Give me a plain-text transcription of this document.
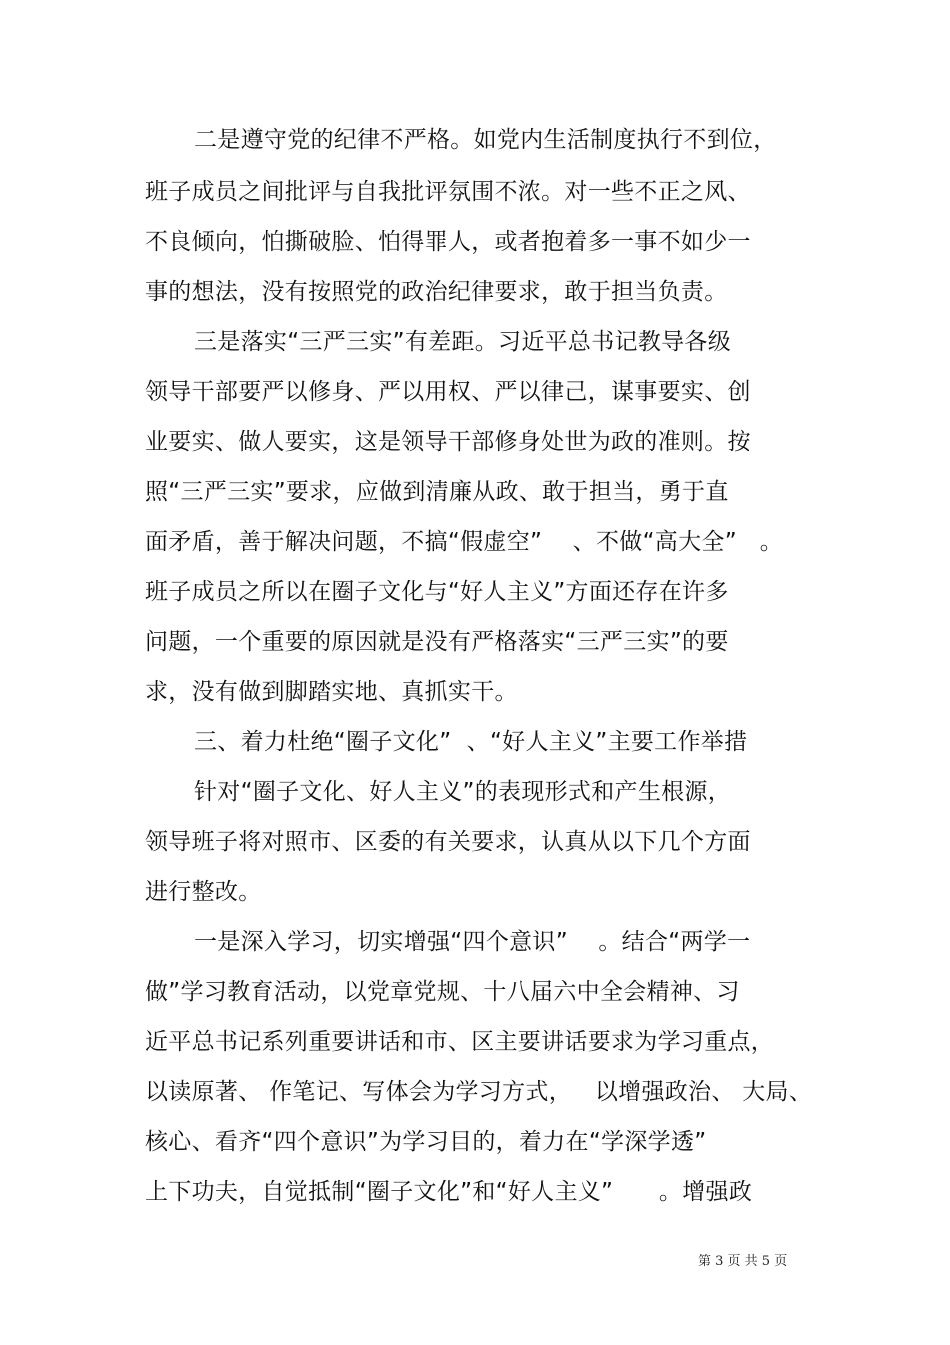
二是遵守党的纪律不严格。如党内生活制度执行不到位，
班子成员之间批评与自我批评氛围不浓。对一些不正之风、
不良倾向，怕撕破脸、怕得罪人，或者抱着多一事不如少一
事的想法，没有按照党的政治纪律要求，敢于担当负责。
三是落实“三严三实”有差距。习近平总书记教导各级
领导干部要严以修身、严以用权、严以律己，谋事要实、创
业要实、做人要实，这是领导干部修身处世为政的准则。按
照“三严三实”要求，应做到清廉从政、敢于担当，勇于直
面矛盾，善于解决问题，不搞“假虚空”    、不做“高大全”   。
班子成员之所以在圈子文化与“好人主义”方面还存在许多
问题，一个重要的原因就是没有严格落实“三严三实”的要
求，没有做到脚踏实地、真抓实干。
三、着力杜绝“圈子文化”  、“好人主义”主要工作举措
针对“圈子文化、好人主义”的表现形式和产生根源，
领导班子将对照市、区委的有关要求，认真从以下几个方面
进行整改。
一是深入学习，切实增强“四个意识”    。结合“两学一
做”学习教育活动，以党章党规、十八届六中全会精神、习
近平总书记系列重要讲话和市、区主要讲话要求为学习重点，
以读原著、 作笔记、写体会为学习方式，   以增强政治、 大局、
核心、看齐“四个意识”为学习目的，着力在“学深学透”
上下功夫，自觉抵制“圈子文化”和“好人主义”      。增强政
第 3 页 共 5 页
